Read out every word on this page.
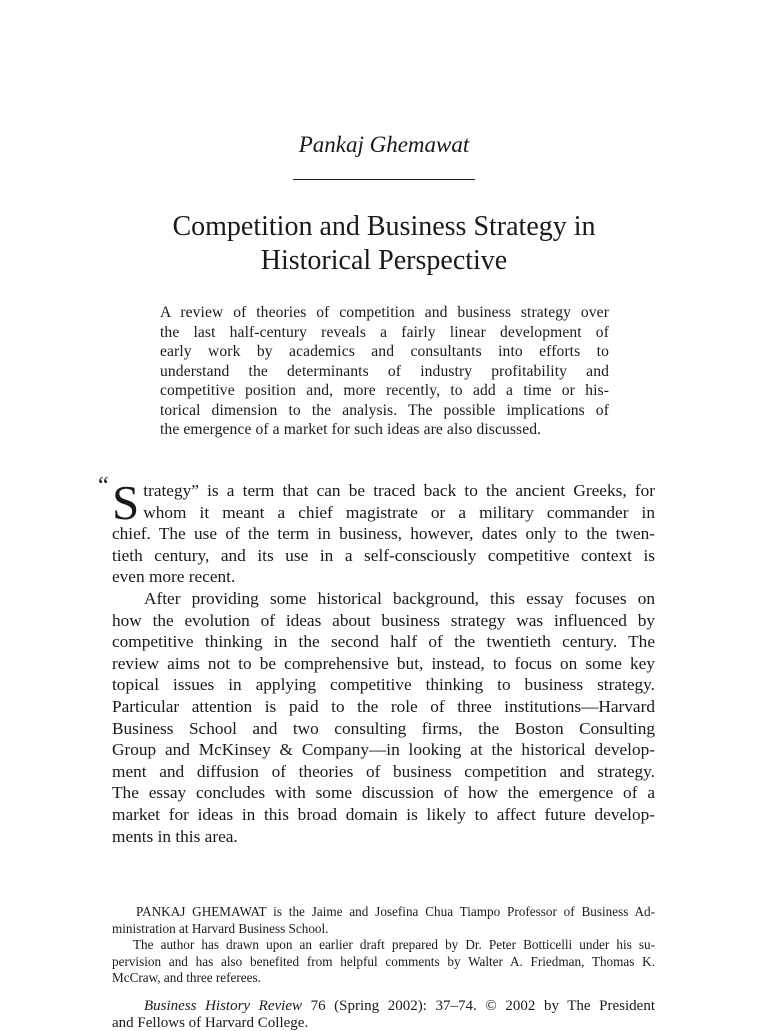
Pankaj Ghemawat
Competition and Business Strategy in
Historical Perspective
A review of theories of competition and business strategy over
the last half-century reveals a fairly linear development of
early work by academics and consultants into efforts to
understand the determinants of industry profitability and
competitive position and, more recently, to add a time or his-
torical dimension to the analysis. The possible implications of
the emergence of a market for such ideas are also discussed.
“ S trategy” is a term that can be traced back to the ancient Greeks, for
whom it meant a chief magistrate or a military commander in
chief. The use of the term in business, however, dates only to the twen-
tieth century, and its use in a self-consciously competitive context is
even more recent.
After providing some historical background, this essay focuses on
how the evolution of ideas about business strategy was influenced by
competitive thinking in the second half of the twentieth century. The
review aims not to be comprehensive but, instead, to focus on some key
topical issues in applying competitive thinking to business strategy.
Particular attention is paid to the role of three institutions—Harvard
Business School and two consulting firms, the Boston Consulting
Group and McKinsey & Company—in looking at the historical develop-
ment and diffusion of theories of business competition and strategy.
The essay concludes with some discussion of how the emergence of a
market for ideas in this broad domain is likely to affect future develop-
ments in this area.
PANKAJ GHEMAWAT is the Jaime and Josefina Chua Tiampo Professor of Business Ad-
ministration at Harvard Business School.
The author has drawn upon an earlier draft prepared by Dr. Peter Botticelli under his su-
pervision and has also benefited from helpful comments by Walter A. Friedman, Thomas K.
McCraw, and three referees.
Business History Review 76 (Spring 2002): 37–74. © 2002 by The President
and Fellows of Harvard College.
